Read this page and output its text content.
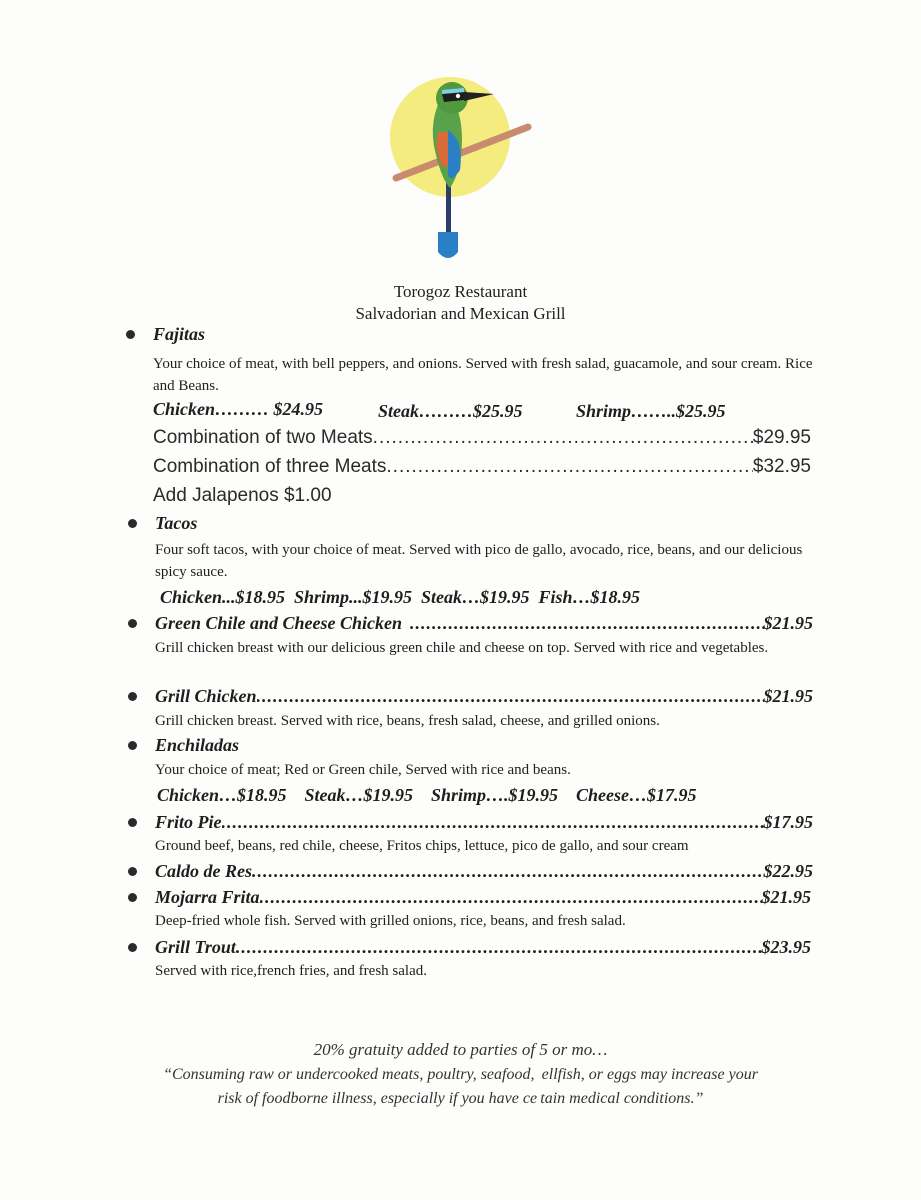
Torogoz Restaurant
Salvadorian and Mexican Grill
Fajitas
Your choice of meat, with bell peppers, and onions. Served with fresh salad, guacamole, and sour cream. Rice and Beans.
Chicken……… $24.95	Steak………$25.95	Shrimp……..$25.95
Combination of two Meats .....	$29.95
Combination of three Meats .....	$32.95
Add Jalapenos $1.00
Tacos
Four soft tacos, with your choice of meat. Served with pico de gallo, avocado, rice, beans, and our delicious spicy sauce.
Chicken...$18.95  Shrimp...$19.95  Steak…$19.95  Fish…$18.95
Green Chile and Cheese Chicken .....	$21.95
Grill chicken breast with our delicious green chile and cheese on top. Served with rice and vegetables.
Grill Chicken .....	$21.95
Grill chicken breast. Served with rice, beans, fresh salad, cheese, and grilled onions.
Enchiladas
Your choice of meat; Red or Green chile, Served with rice and beans.
Chicken…$18.95    Steak…$19.95    Shrimp….$19.95    Cheese…$17.95
Frito Pie .....	$17.95
Ground beef, beans, red chile, cheese, Fritos chips, lettuce, pico de gallo, and sour cream
Caldo de Res .....	$22.95
Mojarra Frita .....	$21.95
Deep-fried whole fish. Served with grilled onions, rice, beans, and fresh salad.
Grill Trout .....	$23.95
Served with rice,french fries, and fresh salad.
20% gratuity added to parties of 5 or mo…
“Consuming raw or undercooked meats, poultry, seafood,  ellfish, or eggs may increase your
risk of foodborne illness, especially if you have ce tain medical conditions.”
